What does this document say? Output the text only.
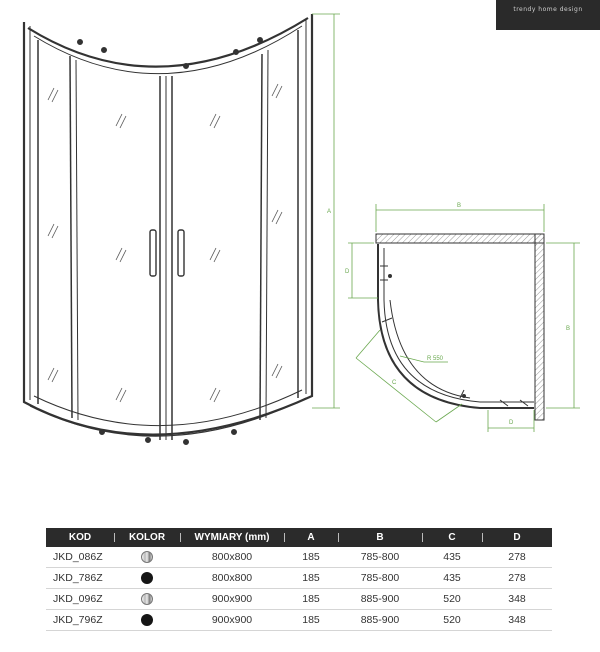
trendy home design
A
B
B
D
D
C
R 550
KOD	KOLOR	WYMIARY (mm)	A	B	C	D
JKD_086Z		800x800	185	785-800	435	278
JKD_786Z		800x800	185	785-800	435	278
JKD_096Z		900x900	185	885-900	520	348
JKD_796Z		900x900	185	885-900	520	348
